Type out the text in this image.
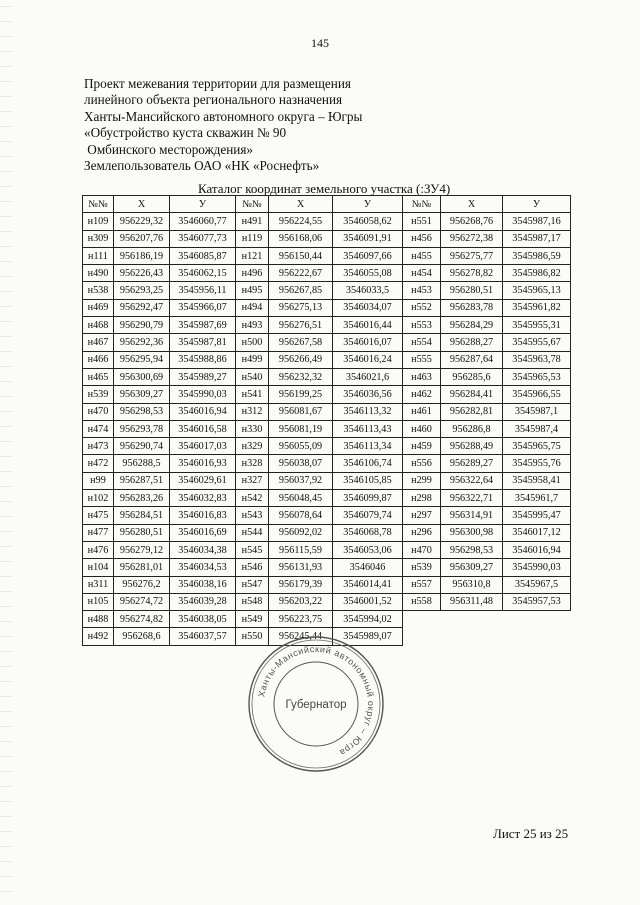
145
Проект межевания территории для размещения
линейного объекта регионального назначения
Ханты-Мансийского автономного округа – Югры
«Обустройство куста скважин № 90
Омбинского месторождения»
Землепользователь ОАО «НК «Роснефть»
Каталог координат земельного участка (:ЗУ4)
№№	Х	У	№№	Х	У	№№	Х	У
н109	956229,32	3546060,77	н491	956224,55	3546058,62	н551	956268,76	3545987,16
н309	956207,76	3546077,73	н119	956168,06	3546091,91	н456	956272,38	3545987,17
н111	956186,19	3546085,87	н121	956150,44	3546097,66	н455	956275,77	3545986,59
н490	956226,43	3546062,15	н496	956222,67	3546055,08	н454	956278,82	3545986,82
н538	956293,25	3545956,11	н495	956267,85	3546033,5	н453	956280,51	3545965,13
н469	956292,47	3545966,07	н494	956275,13	3546034,07	н552	956283,78	3545961,82
н468	956290,79	3545987,69	н493	956276,51	3546016,44	н553	956284,29	3545955,31
н467	956292,36	3545987,81	н500	956267,58	3546016,07	н554	956288,27	3545955,67
н466	956295,94	3545988,86	н499	956266,49	3546016,24	н555	956287,64	3545963,78
н465	956300,69	3545989,27	н540	956232,32	3546021,6	н463	956285,6	3545965,53
н539	956309,27	3545990,03	н541	956199,25	3546036,56	н462	956284,41	3545966,55
н470	956298,53	3546016,94	н312	956081,67	3546113,32	н461	956282,81	3545987,1
н474	956293,78	3546016,58	н330	956081,19	3546113,43	н460	956286,8	3545987,4
н473	956290,74	3546017,03	н329	956055,09	3546113,34	н459	956288,49	3545965,75
н472	956288,5	3546016,93	н328	956038,07	3546106,74	н556	956289,27	3545955,76
н99	956287,51	3546029,61	н327	956037,92	3546105,85	н299	956322,64	3545958,41
н102	956283,26	3546032,83	н542	956048,45	3546099,87	н298	956322,71	3545961,7
н475	956284,51	3546016,83	н543	956078,64	3546079,74	н297	956314,91	3545995,47
н477	956280,51	3546016,69	н544	956092,02	3546068,78	н296	956300,98	3546017,12
н476	956279,12	3546034,38	н545	956115,59	3546053,06	н470	956298,53	3546016,94
н104	956281,01	3546034,53	н546	956131,93	3546046	н539	956309,27	3545990,03
н311	956276,2	3546038,16	н547	956179,39	3546014,41	н557	956310,8	3545967,5
н105	956274,72	3546039,28	н548	956203,22	3546001,52	н558	956311,48	3545957,53
н488	956274,82	3546038,05	н549	956223,75	3545994,02			
н492	956268,6	3546037,57	н550	956245,44	3545989,07			
Ханты-Мансийский автономный округ – Югра
Губернатор
Лист 25 из 25
